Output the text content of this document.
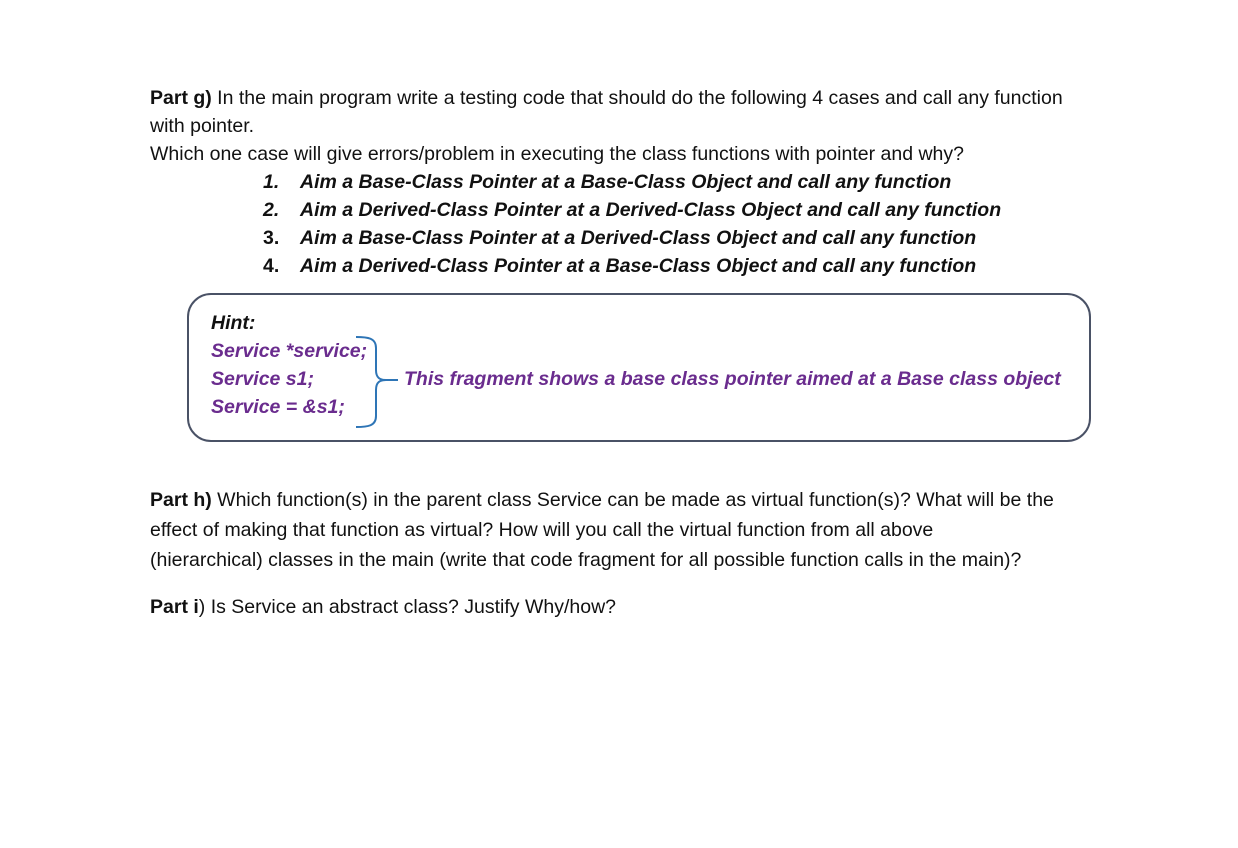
Part g) In the main program write a testing code that should do the following 4 cases and call any function
with pointer.
Which one case will give errors/problem in executing the class functions with pointer and why?
1.	Aim a Base-Class Pointer at a Base-Class Object and call any function
2.	Aim a Derived-Class Pointer at a Derived-Class Object and call any function
3.	Aim a Base-Class Pointer at a Derived-Class Object and call any function
4.	Aim a Derived-Class Pointer at a Base-Class Object and call any function
Hint:
Service *service;
Service s1;
Service = &s1;
This fragment shows a base class pointer aimed at a Base class object
Part h) Which function(s) in the parent class Service can be made as virtual function(s)? What will be the
effect of making that function as virtual? How will you call the virtual function from all above
(hierarchical) classes in the main (write that code fragment for all possible function calls in the main)?
Part i) Is Service an abstract class? Justify Why/how?
